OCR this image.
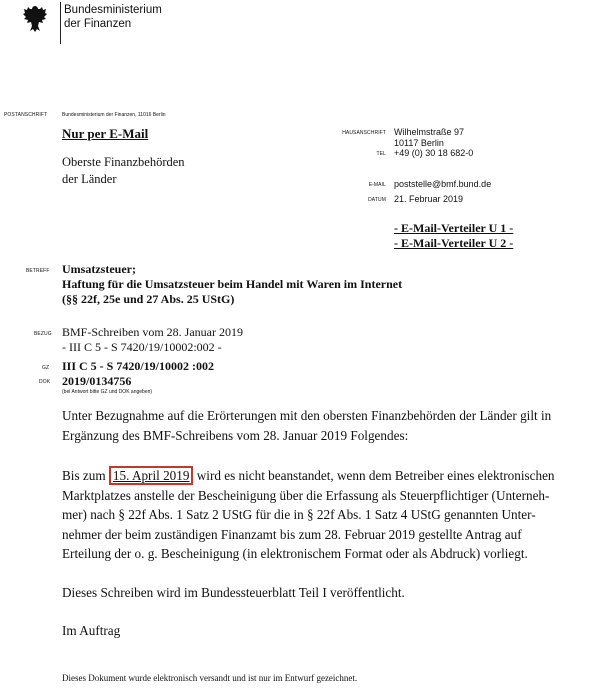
Bundesministerium
der Finanzen
POSTANSCHRIFT	Bundesministerium der Finanzen, 11016 Berlin
Nur per E-Mail
Oberste Finanzbehörden
der Länder
HAUSANSCHRIFT Wilhelmstraße 97
10117 Berlin
TEL +49 (0) 30 18 682-0
E-MAIL poststelle@bmf.bund.de
DATUM 21. Februar 2019
- E-Mail-Verteiler U 1 -
- E-Mail-Verteiler U 2 -
BETREFF Umsatzsteuer;
Haftung für die Umsatzsteuer beim Handel mit Waren im Internet
(§§ 22f, 25e und 27 Abs. 25 UStG)
BEZUG BMF-Schreiben vom 28. Januar 2019
- III C 5 - S 7420/19/10002:002 -
GZ III C 5 - S 7420/19/10002 :002
DOK 2019/0134756
(bei Antwort bitte GZ und DOK angeben)
Unter Bezugnahme auf die Erörterungen mit den obersten Finanzbehörden der Länder gilt in
Ergänzung des BMF-Schreibens vom 28. Januar 2019 Folgendes:
Bis zum 15. April 2019 wird es nicht beanstandet, wenn dem Betreiber eines elektronischen
Marktplatzes anstelle der Bescheinigung über die Erfassung als Steuerpflichtiger (Unterneh-
mer) nach § 22f Abs. 1 Satz 2 UStG für die in § 22f Abs. 1 Satz 4 UStG genannten Unter-
nehmer der beim zuständigen Finanzamt bis zum 28. Februar 2019 gestellte Antrag auf
Erteilung der o. g. Bescheinigung (in elektronischem Format oder als Abdruck) vorliegt.
Dieses Schreiben wird im Bundessteuerblatt Teil I veröffentlicht.
Im Auftrag
Dieses Dokument wurde elektronisch versandt und ist nur im Entwurf gezeichnet.
